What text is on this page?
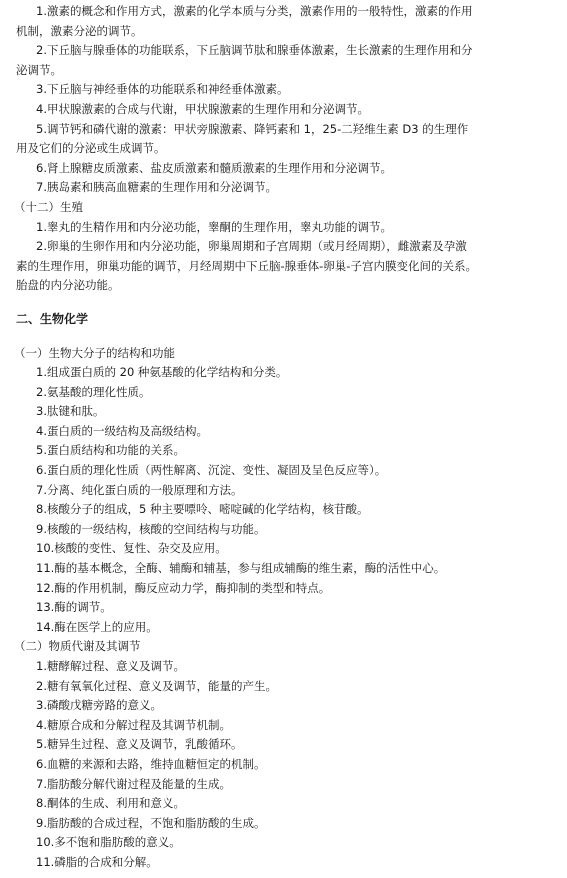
1.激素的概念和作用方式，激素的化学本质与分类，激素作用的一般特性，激素的作用
机制，激素分泌的调节。
2.下丘脑与腺垂体的功能联系，下丘脑调节肽和腺垂体激素，生长激素的生理作用和分
泌调节。
3.下丘脑与神经垂体的功能联系和神经垂体激素。
4.甲状腺激素的合成与代谢，甲状腺激素的生理作用和分泌调节。
5.调节钙和磷代谢的激素：甲状旁腺激素、降钙素和 1，25-二羟维生素 D3 的生理作
用及它们的分泌或生成调节。
6.肾上腺糖皮质激素、盐皮质激素和髓质激素的生理作用和分泌调节。
7.胰岛素和胰高血糖素的生理作用和分泌调节。
（十二）生殖
1.睾丸的生精作用和内分泌功能，睾酮的生理作用，睾丸功能的调节。
2.卵巢的生卵作用和内分泌功能，卵巢周期和子宫周期（或月经周期），雌激素及孕激
素的生理作用，卵巢功能的调节，月经周期中下丘脑-腺垂体-卵巢-子宫内膜变化间的关系。
胎盘的内分泌功能。
二、生物化学
（一）生物大分子的结构和功能
1.组成蛋白质的 20 种氨基酸的化学结构和分类。
2.氨基酸的理化性质。
3.肽键和肽。
4.蛋白质的一级结构及高级结构。
5.蛋白质结构和功能的关系。
6.蛋白质的理化性质（两性解离、沉淀、变性、凝固及呈色反应等）。
7.分离、纯化蛋白质的一般原理和方法。
8.核酸分子的组成，5 种主要嘌呤、嘧啶碱的化学结构，核苷酸。
9.核酸的一级结构，核酸的空间结构与功能。
10.核酸的变性、复性、杂交及应用。
11.酶的基本概念，全酶、辅酶和辅基，参与组成辅酶的维生素，酶的活性中心。
12.酶的作用机制，酶反应动力学，酶抑制的类型和特点。
13.酶的调节。
14.酶在医学上的应用。
（二）物质代谢及其调节
1.糖酵解过程、意义及调节。
2.糖有氧氧化过程、意义及调节，能量的产生。
3.磷酸戊糖旁路的意义。
4.糖原合成和分解过程及其调节机制。
5.糖异生过程、意义及调节，乳酸循环。
6.血糖的来源和去路，维持血糖恒定的机制。
7.脂肪酸分解代谢过程及能量的生成。
8.酮体的生成、利用和意义。
9.脂肪酸的合成过程，不饱和脂肪酸的生成。
10.多不饱和脂肪酸的意义。
11.磷脂的合成和分解。
